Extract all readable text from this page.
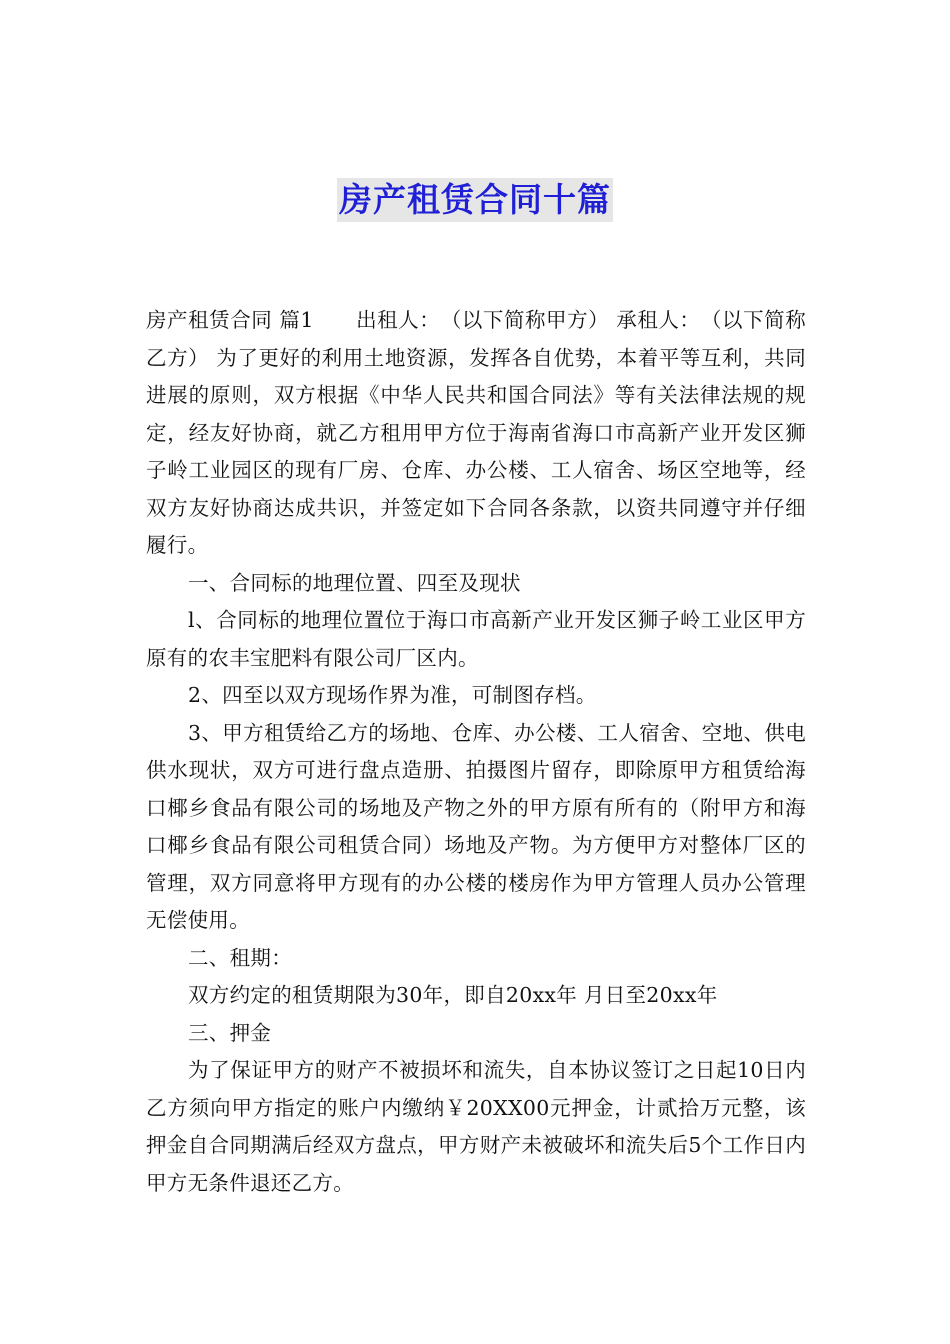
房产租赁合同十篇

房产租赁合同 篇1　　出租人：　（以下简称甲方） 承租人：　（以下简称乙方） 为了更好的利用土地资源，发挥各自优势，本着平等互利，共同进展的原则，双方根据《中华人民共和国合同法》等有关法律法规的规定，经友好协商，就乙方租用甲方位于海南省海口市高新产业开发区狮子岭工业园区的现有厂房、仓库、办公楼、工人宿舍、场区空地等，经双方友好协商达成共识，并签定如下合同各条款，以资共同遵守并仔细履行。

一、合同标的地理位置、四至及现状

l、合同标的地理位置位于海口市高新产业开发区狮子岭工业区甲方原有的农丰宝肥料有限公司厂区内。

2、四至以双方现场作界为准，可制图存档。

3、甲方租赁给乙方的场地、仓库、办公楼、工人宿舍、空地、供电供水现状，双方可进行盘点造册、拍摄图片留存，即除原甲方租赁给海口椰乡食品有限公司的场地及产物之外的甲方原有所有的（附甲方和海口椰乡食品有限公司租赁合同）场地及产物。为方便甲方对整体厂区的管理，双方同意将甲方现有的办公楼的楼房作为甲方管理人员办公管理无偿使用。

二、租期：

双方约定的租赁期限为30年，即自20xx年 月日至20xx年

三、押金

为了保证甲方的财产不被损坏和流失，自本协议签订之日起10日内乙方须向甲方指定的账户内缴纳￥20XX00元押金，计贰拾万元整，该押金自合同期满后经双方盘点，甲方财产未被破坏和流失后5个工作日内甲方无条件退还乙方。
